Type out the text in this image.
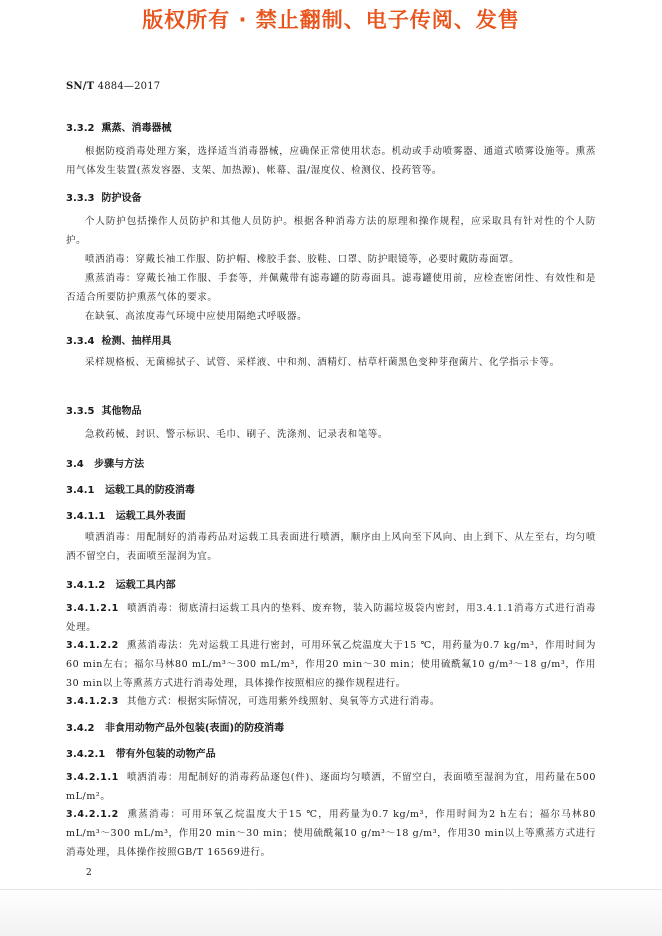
版权所有 · 禁止翻制、电子传阅、发售
SN/T 4884—2017
3.3.2 熏蒸、消毒器械
根据防疫消毒处理方案，选择适当消毒器械，应确保正常使用状态。机动或手动喷雾器、通道式喷雾设施等。熏蒸用气体发生装置(蒸发容器、支架、加热源)、帐幕、温/湿度仪、检测仪、投药管等。
3.3.3 防护设备
个人防护包括操作人员防护和其他人员防护。根据各种消毒方法的原理和操作规程，应采取具有针对性的个人防护。
喷洒消毒：穿戴长袖工作服、防护帽、橡胶手套、胶鞋、口罩、防护眼镜等，必要时戴防毒面罩。
熏蒸消毒：穿戴长袖工作服、手套等，并佩戴带有滤毒罐的防毒面具。滤毒罐使用前，应检查密闭性、有效性和是否适合所要防护熏蒸气体的要求。
在缺氧、高浓度毒气环境中应使用隔绝式呼吸器。
3.3.4 检测、抽样用具
采样规格板、无菌棉拭子、试管、采样液、中和剂、酒精灯、枯草杆菌黑色变种芽孢菌片、化学指示卡等。
3.3.5 其他物品
急救药械、封识、警示标识、毛巾、刷子、洗涤剂、记录表和笔等。
3.4 步骤与方法
3.4.1 运载工具的防疫消毒
3.4.1.1 运载工具外表面
喷洒消毒：用配制好的消毒药品对运载工具表面进行喷洒，顺序由上风向至下风向、由上到下、从左至右，均匀喷洒不留空白，表面喷至湿润为宜。
3.4.1.2 运载工具内部
3.4.1.2.1 喷洒消毒：彻底清扫运载工具内的垫料、废弃物，装入防漏垃圾袋内密封，用3.4.1.1消毒方式进行消毒处理。
3.4.1.2.2 熏蒸消毒法：先对运载工具进行密封，可用环氧乙烷温度大于15 ℃，用药量为0.7 kg/m³，作用时间为60 min左右；福尔马林80 mL/m³～300 mL/m³，作用20 min～30 min；使用硫酰氟10 g/m³～18 g/m³，作用30 min以上等熏蒸方式进行消毒处理，具体操作按照相应的操作规程进行。
3.4.1.2.3 其他方式：根据实际情况，可选用紫外线照射、臭氧等方式进行消毒。
3.4.2 非食用动物产品外包装(表面)的防疫消毒
3.4.2.1 带有外包装的动物产品
3.4.2.1.1 喷洒消毒：用配制好的消毒药品逐包(件)、逐面均匀喷洒，不留空白，表面喷至湿润为宜，用药量在500 mL/m²。
3.4.2.1.2 熏蒸消毒：可用环氧乙烷温度大于15 ℃，用药量为0.7 kg/m³，作用时间为2 h左右；福尔马林80 mL/m³～300 mL/m³，作用20 min～30 min；使用硫酰氟10 g/m³～18 g/m³，作用30 min以上等熏蒸方式进行消毒处理，具体操作按照GB/T 16569进行。
2
